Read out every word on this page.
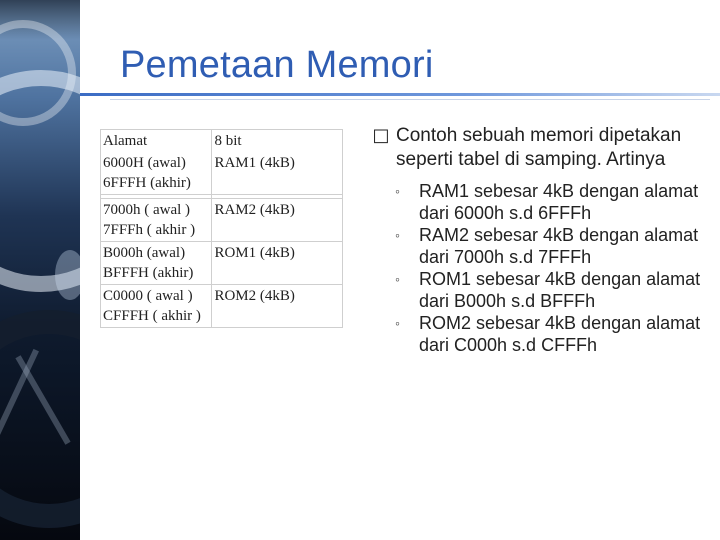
Pemetaan Memori
Alamat	8 bit

6000H (awal)
6FFFH (akhir)	RAM1 (4kB)

7000h ( awal )
7FFFh ( akhir )	RAM2 (4kB)

B000h (awal)
BFFFH (akhir)	ROM1 (4kB)

C0000 ( awal )
CFFFH ( akhir )	ROM2 (4kB)
□ Contoh sebuah memori dipetakan seperti tabel di samping. Artinya
◦ RAM1 sebesar 4kB dengan alamat dari 6000h s.d 6FFFh
◦ RAM2 sebesar 4kB dengan alamat dari 7000h s.d 7FFFh
◦ ROM1 sebesar 4kB dengan alamat dari B000h s.d BFFFh
◦ ROM2 sebesar 4kB dengan alamat dari C000h s.d CFFFh
